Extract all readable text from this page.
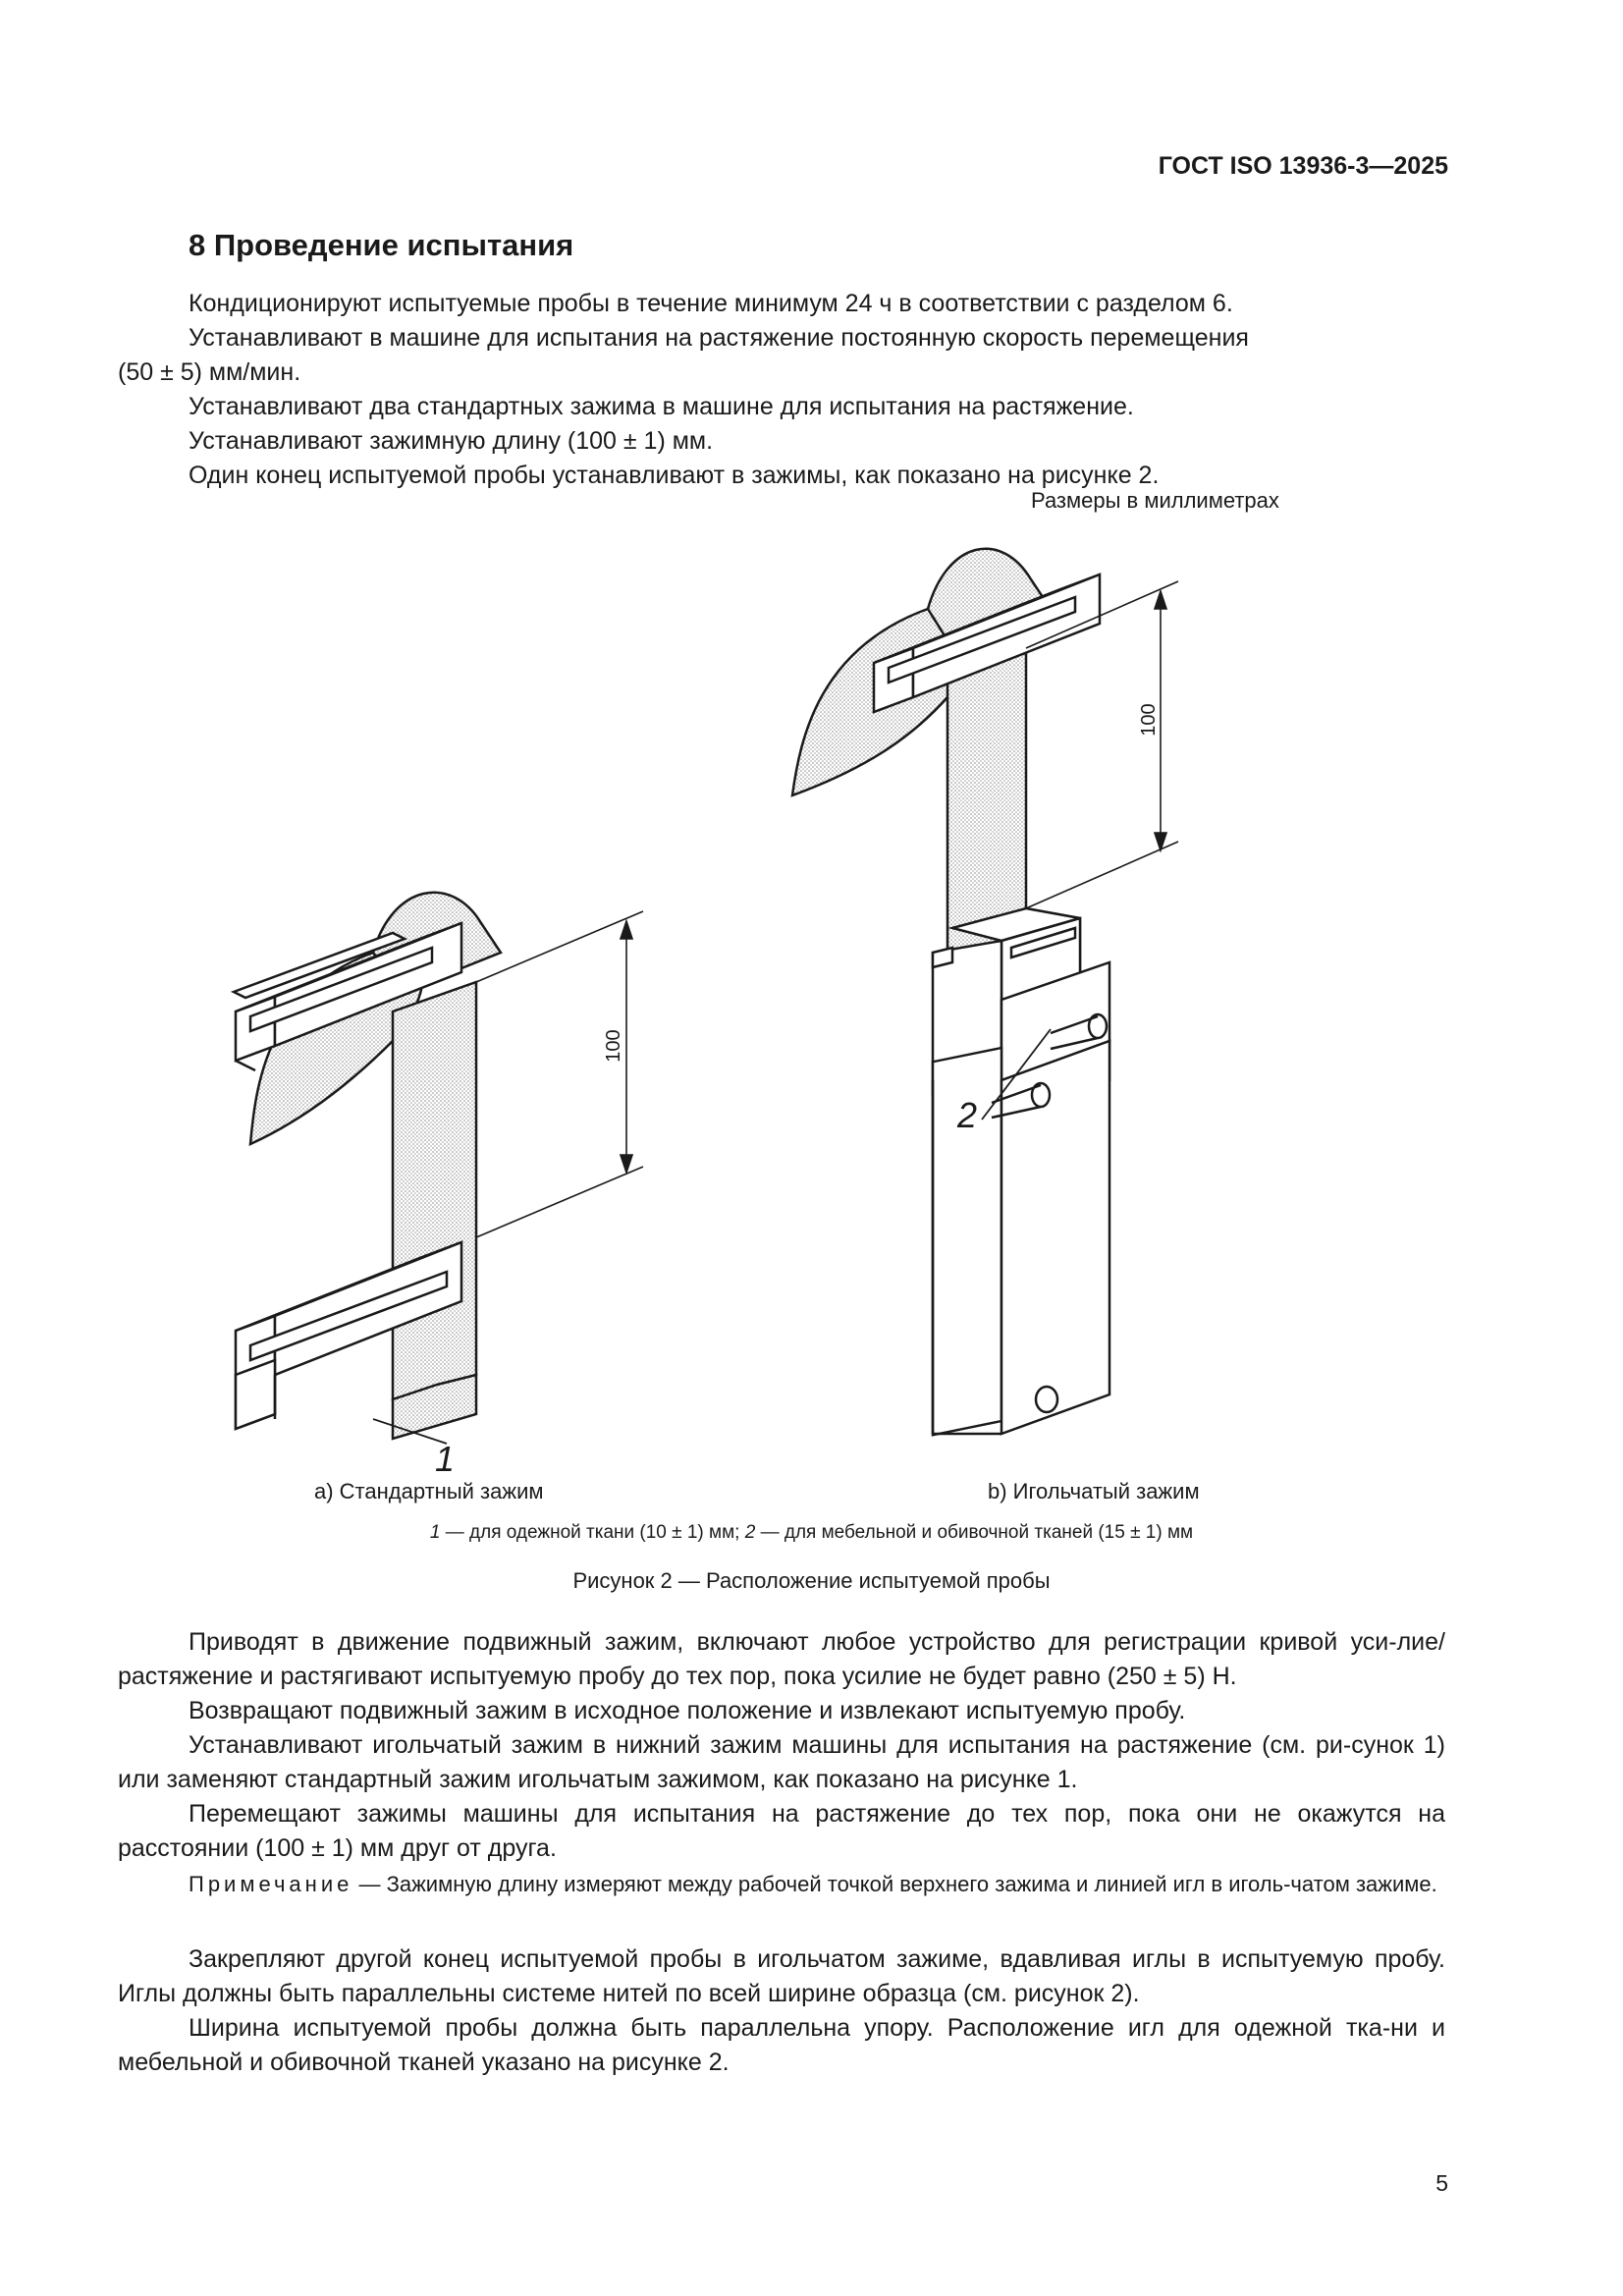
ГОСТ ISO 13936-3—2025
8 Проведение испытания

Кондиционируют испытуемые пробы в течение минимум 24 ч в соответствии с разделом 6.

Устанавливают в машине для испытания на растяжение постоянную скорость перемещения

(50 ± 5) мм/мин.

Устанавливают два стандартных зажима в машине для испытания на растяжение.

Устанавливают зажимную длину (100 ± 1) мм.

Один конец испытуемой пробы устанавливают в зажимы, как показано на рисунке 2.

Размеры в миллиметрах
100
100
1
2
а) Стандартный зажим	b) Игольчатый зажим
1 — для одежной ткани (10 ± 1) мм; 2 — для мебельной и обивочной тканей (15 ± 1) мм
Рисунок 2 — Расположение испытуемой пробы

Приводят в движение подвижный зажим, включают любое устройство для регистрации кривой уси-лие/растяжение и растягивают испытуемую пробу до тех пор, пока усилие не будет равно (250 ± 5) Н.

Возвращают подвижный зажим в исходное положение и извлекают испытуемую пробу.

Устанавливают игольчатый зажим в нижний зажим машины для испытания на растяжение (см. ри-сунок 1) или заменяют стандартный зажим игольчатым зажимом, как показано на рисунке 1.

Перемещают зажимы машины для испытания на растяжение до тех пор, пока они не окажутся на расстоянии (100 ± 1) мм друг от друга.

Примечание — Зажимную длину измеряют между рабочей точкой верхнего зажима и линией игл в иголь-чатом зажиме.

Закрепляют другой конец испытуемой пробы в игольчатом зажиме, вдавливая иглы в испытуемую пробу. Иглы должны быть параллельны системе нитей по всей ширине образца (см. рисунок 2).

Ширина испытуемой пробы должна быть параллельна упору. Расположение игл для одежной тка-ни и мебельной и обивочной тканей указано на рисунке 2.

5
